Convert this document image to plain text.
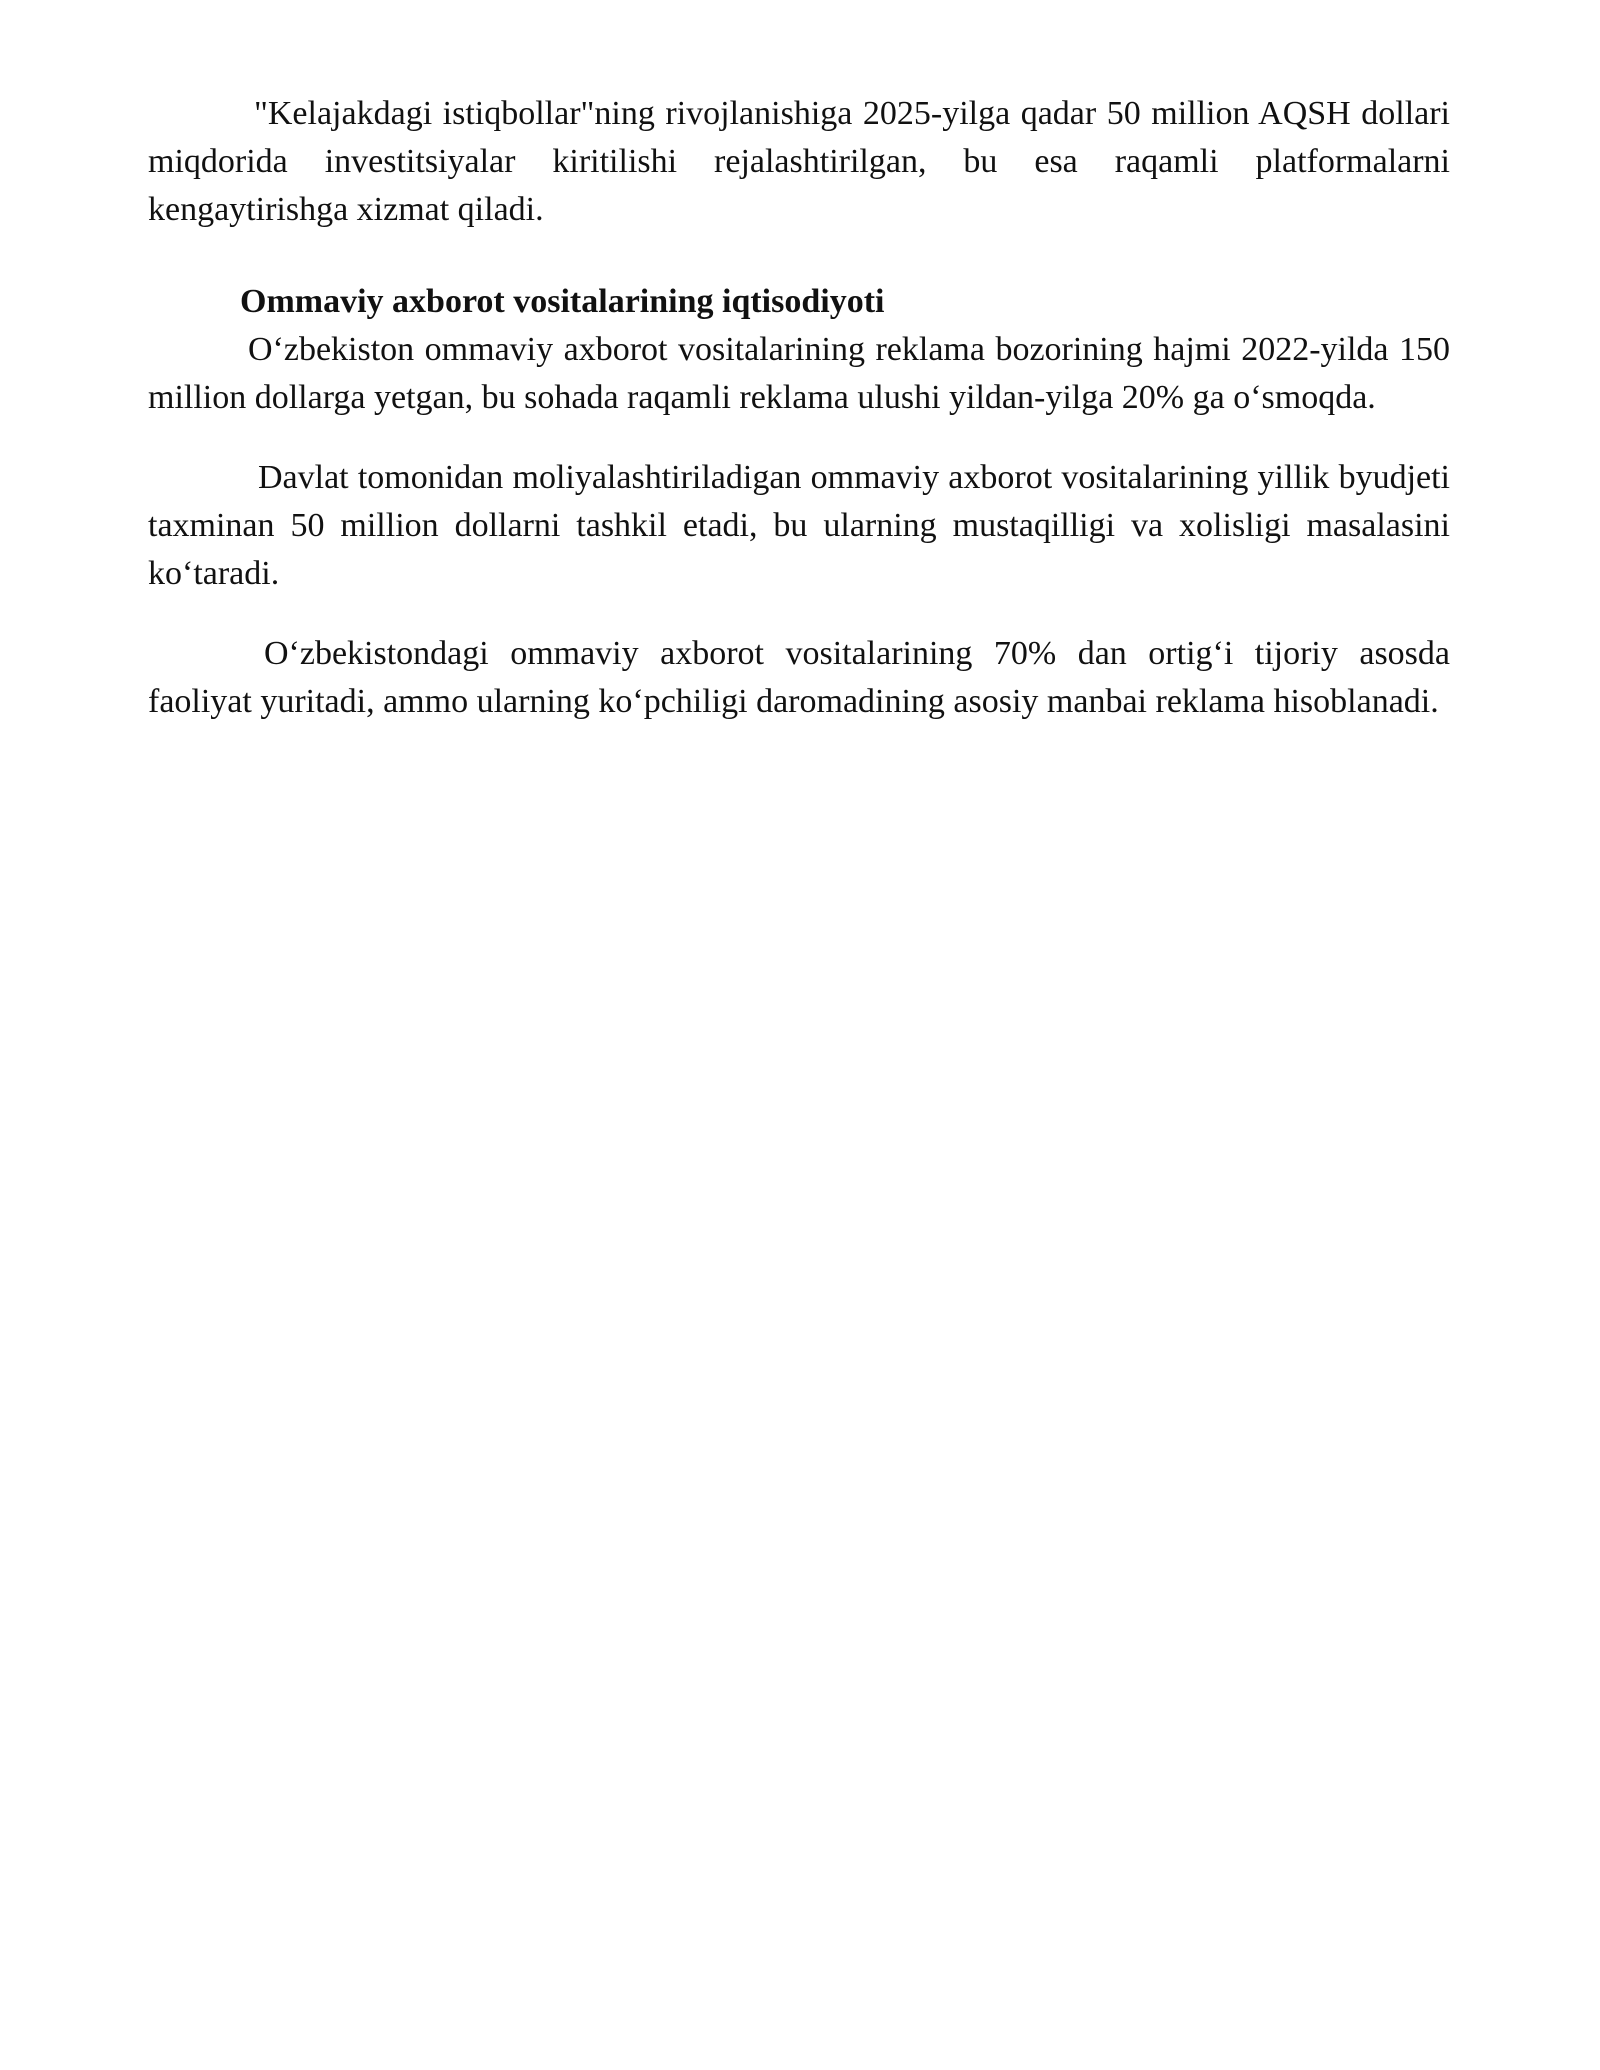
"Kelajakdagi istiqbollar"ning rivojlanishiga 2025-yilga qadar 50 million AQSH dollari miqdorida investitsiyalar kiritilishi rejalashtirilgan, bu esa raqamli platformalarni kengaytirishga xizmat qiladi.

Ommaviy axborot vositalarining iqtisodiyoti

O‘zbekiston ommaviy axborot vositalarining reklama bozorining hajmi 2022-yilda 150 million dollarga yetgan, bu sohada raqamli reklama ulushi yildan-yilga 20% ga o‘smoqda.

Davlat tomonidan moliyalashtiriladigan ommaviy axborot vositalarining yillik byudjeti taxminan 50 million dollarni tashkil etadi, bu ularning mustaqilligi va xolisligi masalasini ko‘taradi.

O‘zbekistondagi ommaviy axborot vositalarining 70% dan ortig‘i tijoriy asosda faoliyat yuritadi, ammo ularning ko‘pchiligi daromadining asosiy manbai reklama hisoblanadi.
